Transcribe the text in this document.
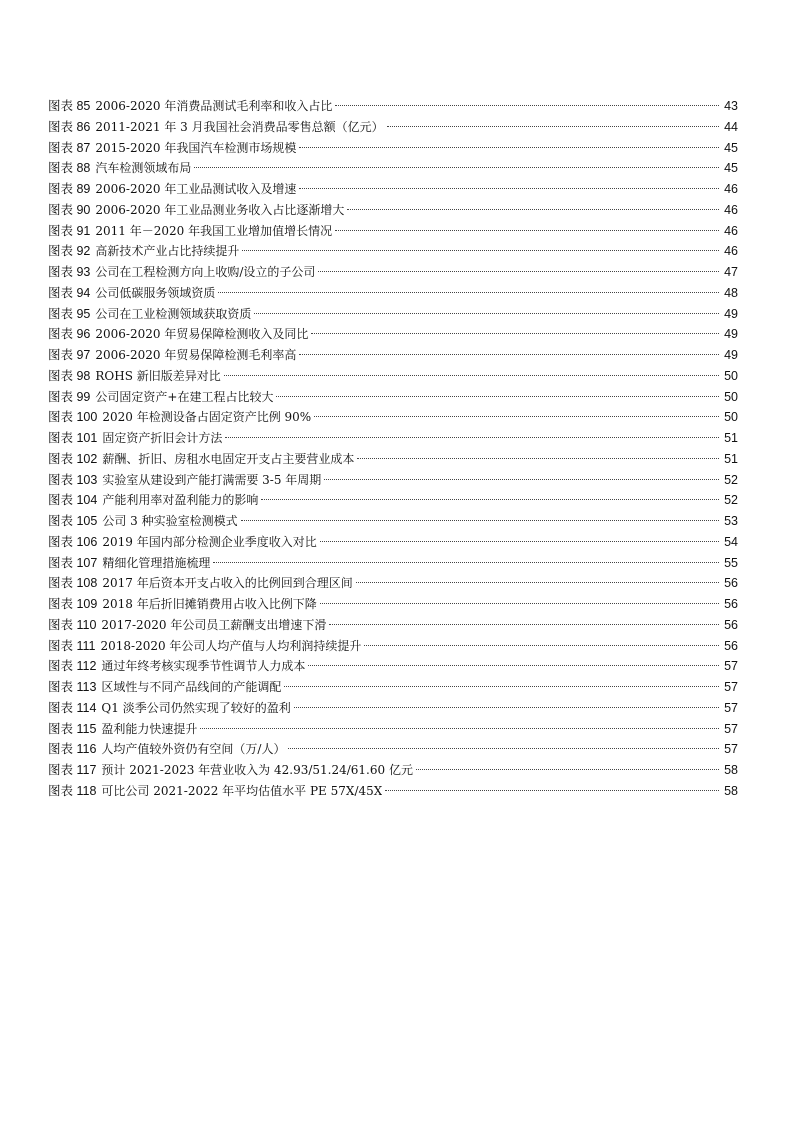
图表 85 2006-2020 年消费品测试毛利率和收入占比	43
图表 86 2011-2021 年 3 月我国社会消费品零售总额（亿元）	44
图表 87 2015-2020 年我国汽车检测市场规模	45
图表 88 汽车检测领域布局	45
图表 89 2006-2020 年工业品测试收入及增速	46
图表 90 2006-2020 年工业品测业务收入占比逐渐增大	46
图表 91 2011 年－2020 年我国工业增加值增长情况	46
图表 92 高新技术产业占比持续提升	46
图表 93 公司在工程检测方向上收购/设立的子公司	47
图表 94 公司低碳服务领域资质	48
图表 95 公司在工业检测领域获取资质	49
图表 96 2006-2020 年贸易保障检测收入及同比	49
图表 97 2006-2020 年贸易保障检测毛利率高	49
图表 98 ROHS 新旧版差异对比	50
图表 99 公司固定资产+在建工程占比较大	50
图表 100 2020 年检测设备占固定资产比例 90%	50
图表 101 固定资产折旧会计方法	51
图表 102 薪酬、折旧、房租水电固定开支占主要营业成本	51
图表 103 实验室从建设到产能打满需要 3-5 年周期	52
图表 104 产能利用率对盈利能力的影响	52
图表 105 公司 3 种实验室检测模式	53
图表 106 2019 年国内部分检测企业季度收入对比	54
图表 107 精细化管理措施梳理	55
图表 108 2017 年后资本开支占收入的比例回到合理区间	56
图表 109 2018 年后折旧摊销费用占收入比例下降	56
图表 110 2017-2020 年公司员工薪酬支出增速下滑	56
图表 111 2018-2020 年公司人均产值与人均利润持续提升	56
图表 112 通过年终考核实现季节性调节人力成本	57
图表 113 区域性与不同产品线间的产能调配	57
图表 114 Q1 淡季公司仍然实现了较好的盈利	57
图表 115 盈利能力快速提升	57
图表 116 人均产值较外资仍有空间（万/人）	57
图表 117 预计 2021-2023 年营业收入为 42.93/51.24/61.60 亿元	58
图表 118 可比公司 2021-2022 年平均估值水平 PE 57X/45X	58
